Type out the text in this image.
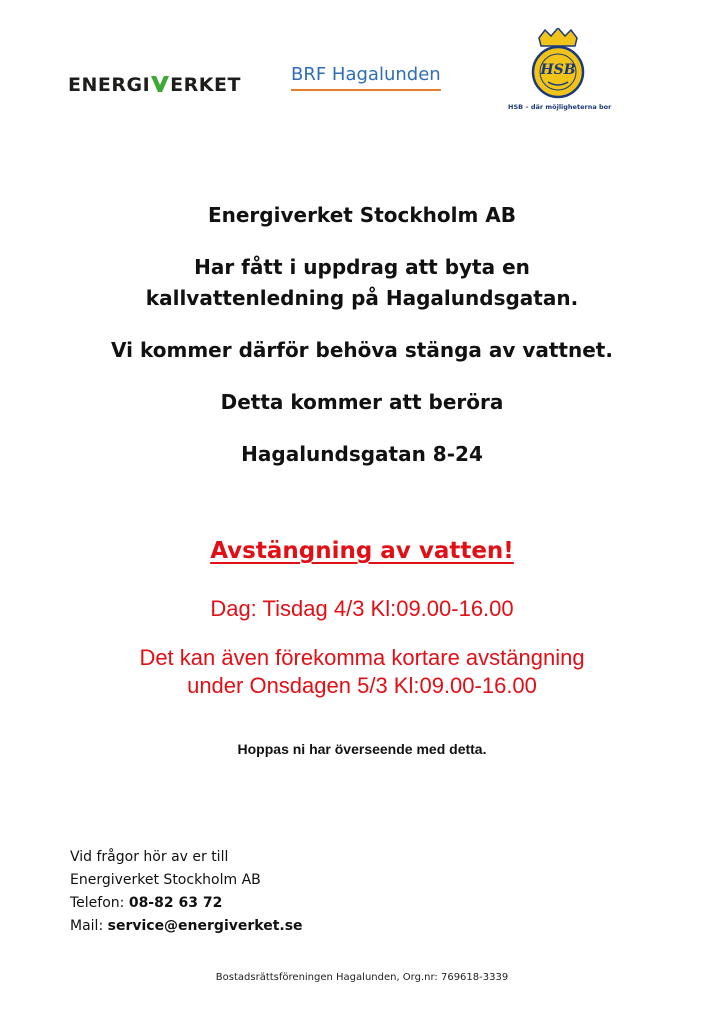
ENERGI ERKET	BRF Hagalunden	HSB
HSB – där möjligheterna bor
Energiverket Stockholm AB
Har fått i uppdrag att byta en
kallvattenledning på Hagalundsgatan.
Vi kommer därför behöva stänga av vattnet.
Detta kommer att beröra
Hagalundsgatan 8-24
Avstängning av vatten!
Dag: Tisdag 4/3 Kl:09.00-16.00
Det kan även förekomma kortare avstängning
under Onsdagen 5/3 Kl:09.00-16.00
Hoppas ni har överseende med detta.
Vid frågor hör av er till
Energiverket Stockholm AB
Telefon: 08-82 63 72
Mail: service@energiverket.se
Bostadsrättsföreningen Hagalunden, Org.nr: 769618-3339
